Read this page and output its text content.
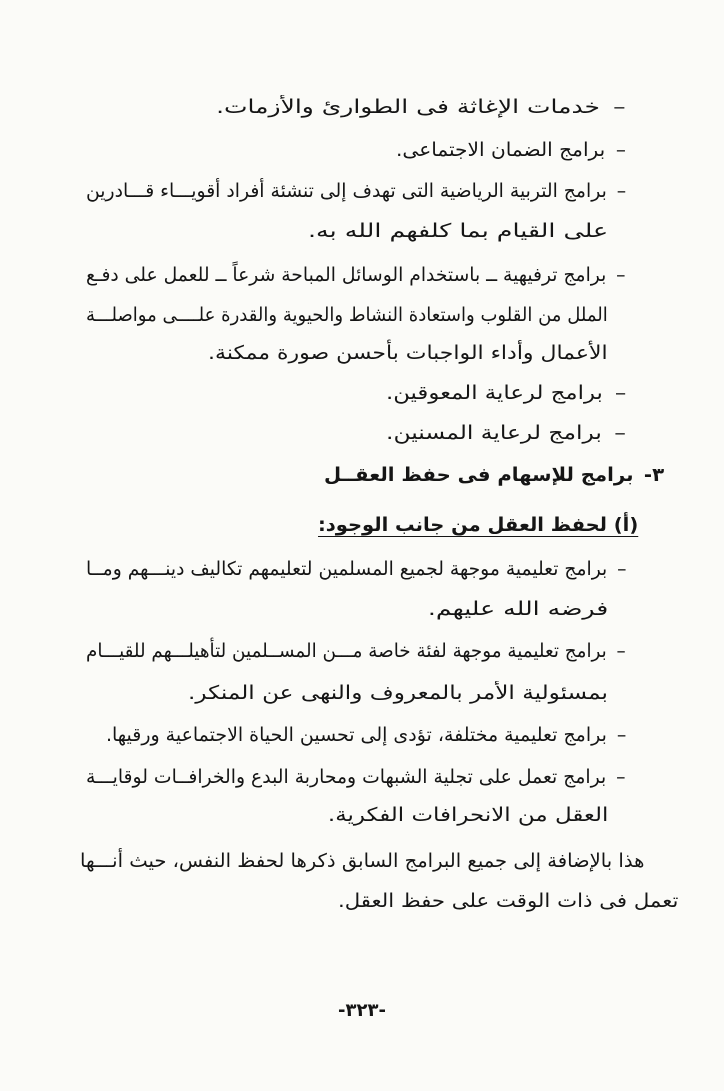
–خدمات الإغاثة فى الطوارئ والأزمات.
–برامج الضمان الاجتماعى.
–برامج التربية الرياضية التى تهدف إلى تنشئة أفراد أقويـــاء قـــادرين
على القيام بما كلفهم الله به.
–برامج ترفيهية ــ باستخدام الوسائل المباحة شرعاً ــ للعمل على دفـع
الملل من القلوب واستعادة النشاط والحيوية والقدرة علــــى مواصلـــة
الأعمال وأداء الواجبات بأحسن صورة ممكنة.
–برامج لرعاية المعوقين.
–برامج لرعاية المسنين.
٣-برامج للإسهام فى حفظ العقــل
(أ) لحفظ العقل من جانب الوجود:
–برامج تعليمية موجهة لجميع المسلمين لتعليمهم تكاليف دينـــهم ومــا
فرضه الله عليهم.
–برامج تعليمية موجهة لفئة خاصة مـــن المســلمين لتأهيلـــهم للقيـــام
بمسئولية الأمر بالمعروف والنهى عن المنكر.
–برامج تعليمية مختلفة، تؤدى إلى تحسين الحياة الاجتماعية ورقيها.
–برامج تعمل على تجلية الشبهات ومحاربة البدع والخرافــات لوقايـــة
العقل من الانحرافات الفكرية.
هذا بالإضافة إلى جميع البرامج السابق ذكرها لحفظ النفس، حيث أنـــها
تعمل فى ذات الوقت على حفظ العقل.
-٣٢٣-
